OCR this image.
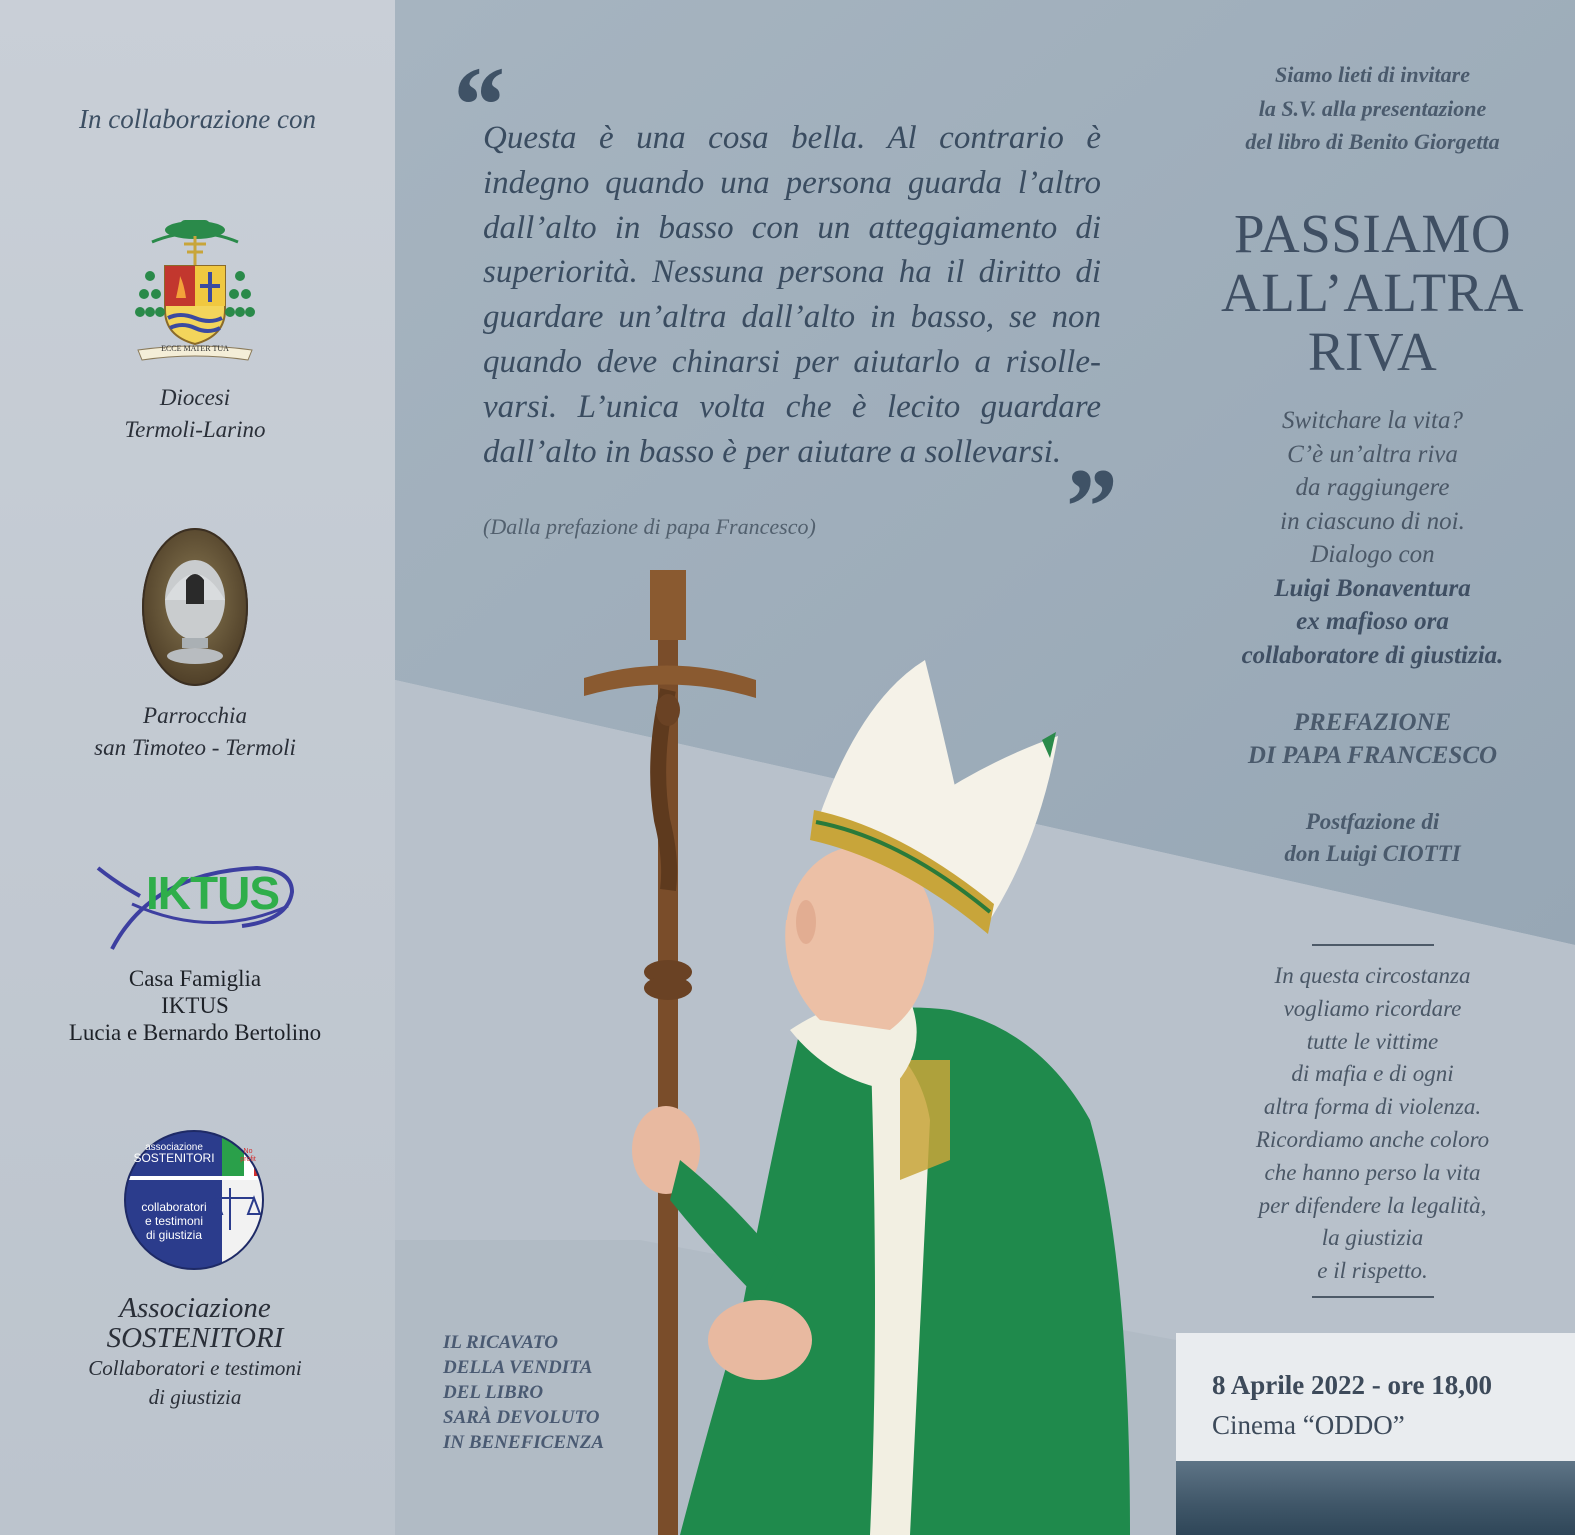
In collaborazione con
ECCE MATER TUA
Diocesi
Termoli-Larino
Parrocchia
san Timoteo - Termoli
IKTUS
Casa Famiglia
IKTUS
Lucia e Bernardo Bertolino
associazione
SOSTENITORI	No
profit
collaboratori
e testimoni
di giustizia
Associazione
SOSTENITORI
Collaboratori e testimoni
di giustizia
“
Questa è una cosa bella. Al contrario è indegno quando una persona guarda l’altro dall’alto in basso con un atteggiamento di superiorità. Nessuna persona ha il diritto di guardare un’altra dall’alto in basso, se non quando deve chinarsi per aiutarlo a risolle-varsi. L’unica volta che è lecito guardare dall’alto in basso è per aiutare a sollevarsi.
”
(Dalla prefazione di papa Francesco)
IL RICAVATO
DELLA VENDITA
DEL LIBRO
SARÀ DEVOLUTO
IN BENEFICENZA
Siamo lieti di invitare
la S.V. alla presentazione
del libro di Benito Giorgetta
PASSIAMO
ALL’ALTRA
RIVA
Switchare la vita?
C’è un’altra riva
da raggiungere
in ciascuno di noi.
Dialogo con
Luigi Bonaventura
ex mafioso ora
collaboratore di giustizia.
PREFAZIONE
DI PAPA FRANCESCO
Postfazione di
don Luigi CIOTTI
In questa circostanza
vogliamo ricordare
tutte le vittime
di mafia e di ogni
altra forma di violenza.
Ricordiamo anche coloro
che hanno perso la vita
per difendere la legalità,
la giustizia
e il rispetto.
8 Aprile 2022 - ore 18,00
Cinema “ODDO”
